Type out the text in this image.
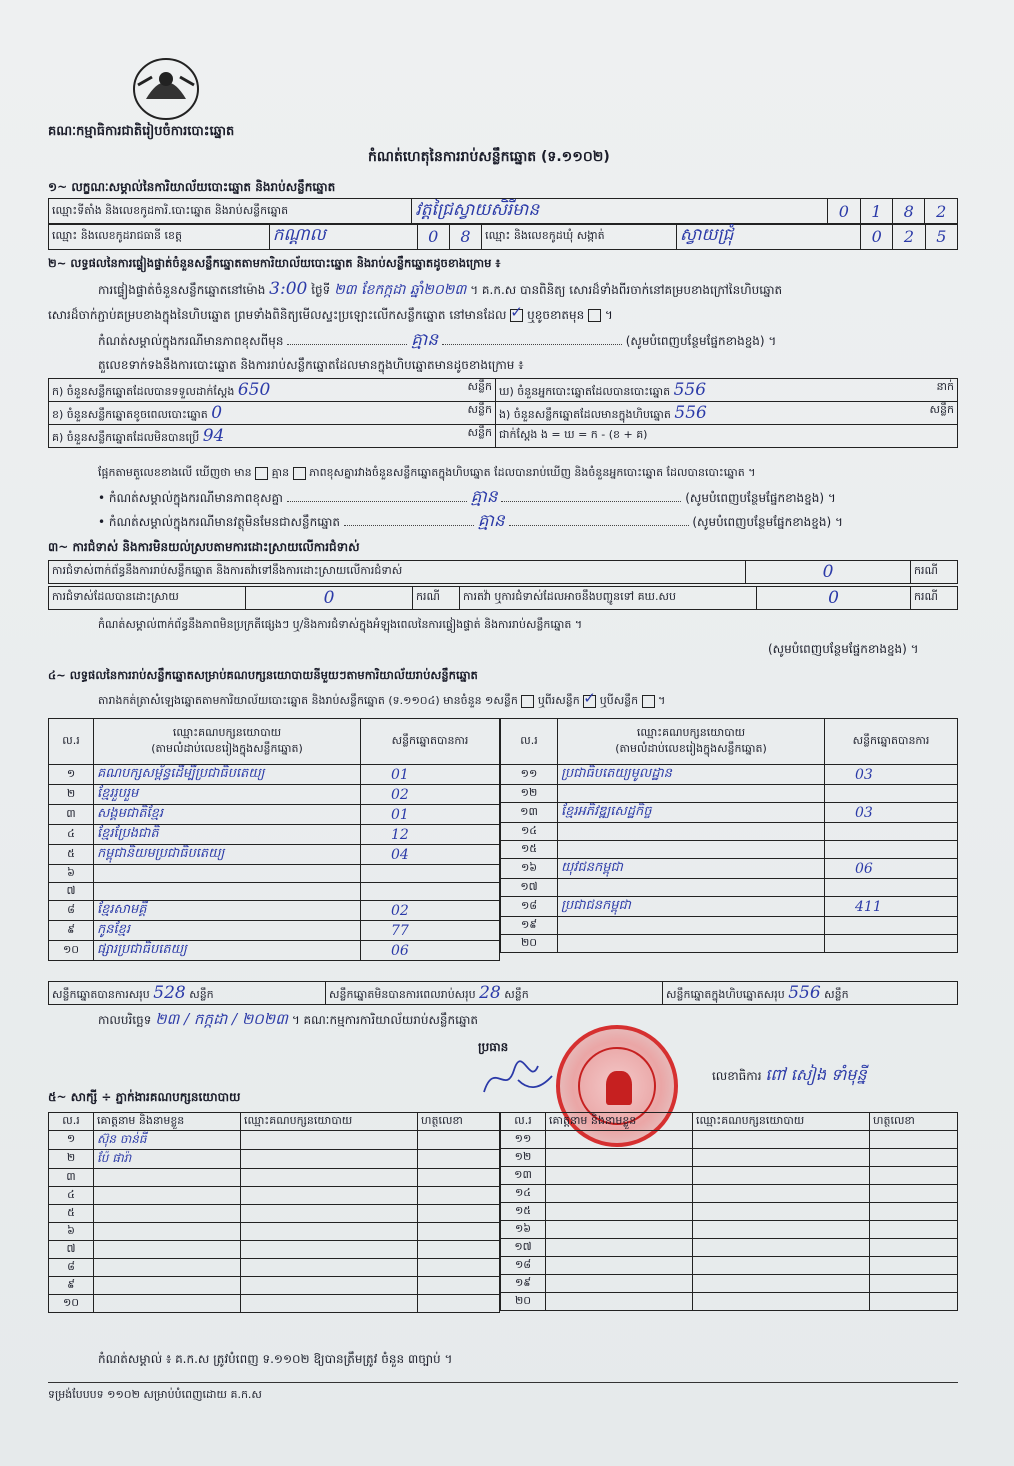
គណៈកម្មាធិការជាតិរៀបចំការបោះឆ្នោត
កំណត់ហេតុនៃការរាប់សន្លឹកឆ្នោត (ទ.១១០២)
១~ លក្ខណៈសម្គាល់នៃការិយាល័យបោះឆ្នោត និងរាប់សន្លឹកឆ្នោត
ឈ្មោះទីតាំង និងលេខកូដការិ.បោះឆ្នោត និងរាប់សន្លឹកឆ្នោត	វត្តជ្រៃស្វាយសិរីមាន	0	1	8	2
ឈ្មោះ និងលេខកូដរាជធានី ខេត្ត	កណ្ដាល	0	8	ឈ្មោះ និងលេខកូដឃុំ សង្កាត់	ស្វាយជ្រុំ	0	2	5
២~ លទ្ធផលនៃការផ្ទៀងផ្ទាត់ចំនួនសន្លឹកឆ្នោតតាមការិយាល័យបោះឆ្នោត និងរាប់សន្លឹកឆ្នោតដូចខាងក្រោម ៖
ការផ្ទៀងផ្ទាត់ចំនួនសន្លឹកឆ្នោតនៅម៉ោង 3:00 ថ្ងៃទី ២៣ ខែកក្កដា ឆ្នាំ២០២៣ ។ គ.ក.ស បានពិនិត្យ សោរដ៏ទាំងពីរចាក់នៅគម្របខាងក្រៅនៃហិបឆ្នោត
សោរដ៏ចាក់ភ្ជាប់គម្របខាងក្នុងនៃហិបឆ្នោត ព្រមទាំងពិនិត្យមើលស្ទះប្រឡោះលើកសន្លឹកឆ្នោត នៅមានដែល ✓ ឬខូចខាតមុន  ។
កំណត់សម្គាល់ក្នុងករណីមានភាពខុសពីមុន	គ្មាន	(សូមបំពេញបន្ថែមផ្នែកខាងខ្នង) ។
តួលេខទាក់ទងនឹងការបោះឆ្នោត និងការរាប់សន្លឹកឆ្នោតដែលមានក្នុងហិបឆ្នោតមានដូចខាងក្រោម ៖
ក) ចំនួនសន្លឹកឆ្នោតដែលបានទទួលដាក់ស្ដែង 650 សន្លឹក	ឃ) ចំនួនអ្នកបោះឆ្នោតដែលបានបោះឆ្នោត 556 នាក់

ខ) ចំនួនសន្លឹកឆ្នោតខូចពេលបោះឆ្នោត 0 សន្លឹក	ង) ចំនួនសន្លឹកឆ្នោតដែលមានក្នុងហិបឆ្នោត 556 សន្លឹក

គ) ចំនួនសន្លឹកឆ្នោតដែលមិនបានប្រើ 94 សន្លឹក	ជាក់ស្ដែង ង = ឃ = ក - (ខ + គ)
ផ្អែកតាមតួលេខខាងលើ ឃើញថា មាន គ្មាន ភាពខុសគ្នារវាងចំនួនសន្លឹកឆ្នោតក្នុងហិបឆ្នោត ដែលបានរាប់ឃើញ និងចំនួនអ្នកបោះឆ្នោត ដែលបានបោះឆ្នោត ។
• កំណត់សម្គាល់ក្នុងករណីមានភាពខុសគ្នា	គ្មាន	(សូមបំពេញបន្ថែមផ្នែកខាងខ្នង) ។
• កំណត់សម្គាល់ក្នុងករណីមានវត្ថុមិនមែនជាសន្លឹកឆ្នោត	គ្មាន	(សូមបំពេញបន្ថែមផ្នែកខាងខ្នង) ។
៣~ ការជំទាស់ និងការមិនយល់ស្របតាមការដោះស្រាយលើការជំទាស់
ការជំទាស់ពាក់ព័ន្ធនឹងការរាប់សន្លឹកឆ្នោត និងការតវ៉ាទៅនឹងការដោះស្រាយលើការជំទាស់	0	ករណី
ការជំទាស់ដែលបានដោះស្រាយ	0	ករណី	ការតវ៉ា ឬការជំទាស់ដែលអាចនឹងបញ្ជូនទៅ គឃ.សប	0	ករណី
កំណត់សម្គាល់ពាក់ព័ន្ធនឹងភាពមិនប្រក្រតីផ្សេងៗ ឬ/និងការជំទាស់ក្នុងអំឡុងពេលនៃការផ្ទៀងផ្ទាត់ និងការរាប់សន្លឹកឆ្នោត ។
(សូមបំពេញបន្ថែមផ្នែកខាងខ្នង) ។
៤~ លទ្ធផលនៃការរាប់សន្លឹកឆ្នោតសម្រាប់គណបក្សនយោបាយនីមួយៗតាមការិយាល័យរាប់សន្លឹកឆ្នោត
តារាងកត់ត្រាសំឡេងឆ្នោតតាមការិយាល័យបោះឆ្នោត និងរាប់សន្លឹកឆ្នោត (ទ.១១០៤) មានចំនួន ១សន្លឹក ឬពីរសន្លឹក ✓ ឬបីសន្លឹក  ។
ល.រ	ឈ្មោះគណបក្សនយោបាយ
(តាមលំដាប់លេខរៀងក្នុងសន្លឹកឆ្នោត)	សន្លឹកឆ្នោតបានការ
១	គណបក្សសម្ព័ន្ធដើម្បីប្រជាធិបតេយ្យ	01
២	ខ្មែររួបរួម	02
៣	សង្គមជាតិខ្មែរ	01
៤	ខ្មែរប្រែងជាតិ	12
៥	កម្ពុជានិយមប្រជាធិបតេយ្យ	04
៦		
៧		
៨	ខ្មែរសាមគ្គី	02
៩	កូនខ្មែរ	77
១០	ផ្សារប្រជាធិបតេយ្យ	06
ល.រ	ឈ្មោះគណបក្សនយោបាយ
(តាមលំដាប់លេខរៀងក្នុងសន្លឹកឆ្នោត)	សន្លឹកឆ្នោតបានការ
១១	ប្រជាធិបតេយ្យមូលដ្ឋាន	03
១២		
១៣	ខ្មែរអភិវឌ្ឍសេដ្ឋកិច្ច	03
១៤		
១៥		
១៦	យុវជនកម្ពុជា	06
១៧		
១៨	ប្រជាជនកម្ពុជា	411
១៩		
២០		
សន្លឹកឆ្នោតបានការសរុប 528 សន្លឹក	សន្លឹកឆ្នោតមិនបានការពេលរាប់សរុប 28 សន្លឹក	សន្លឹកឆ្នោតក្នុងហិបឆ្នោតសរុប 556 សន្លឹក
កាលបរិច្ឆេទ ២៣ / កក្កដា / ២០២៣ ។ គណៈកម្មការការិយាល័យរាប់សន្លឹកឆ្នោត
ប្រធាន
លេខាធិការ ពៅ សៀង ទាំមុន្នី
៥~ សាក្សី ÷ ភ្នាក់ងារគណបក្សនយោបាយ
ល.រ	គោត្តនាម និងនាមខ្លួន	ឈ្មោះគណបក្សនយោបាយ	ហត្ថលេខា
១	ស៊ុន ចាន់ធី		
២	ប៉ែ ផារ៉ា		
៣			
៤			
៥			
៦			
៧			
៨			
៩			
១០			
ល.រ	គោត្តនាម និងនាមខ្លួន	ឈ្មោះគណបក្សនយោបាយ	ហត្ថលេខា
១១			
១២			
១៣			
១៤			
១៥			
១៦			
១៧			
១៨			
១៩			
២០			
កំណត់សម្គាល់ ៖ គ.ក.ស ត្រូវបំពេញ ទ.១១០២ ឱ្យបានត្រឹមត្រូវ ចំនួន ៣ច្បាប់ ។
ទម្រង់បែបបទ ១១០២ សម្រាប់បំពេញដោយ គ.ក.ស
